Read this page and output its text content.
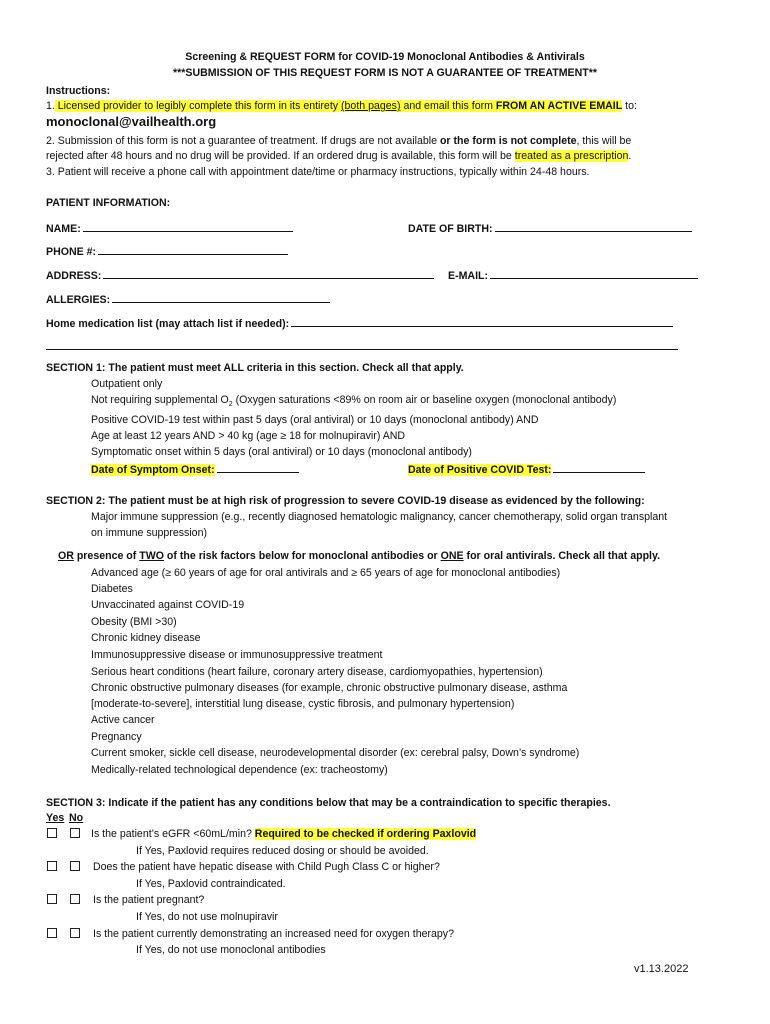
Screening & REQUEST FORM for COVID-19 Monoclonal Antibodies & Antivirals
***SUBMISSION OF THIS REQUEST FORM IS NOT A GUARANTEE OF TREATMENT**
Instructions:
1. Licensed provider to legibly complete this form in its entirety (both pages) and email this form FROM AN ACTIVE EMAIL to:
monoclonal@vailhealth.org
2. Submission of this form is not a guarantee of treatment. If drugs are not available or the form is not complete, this will be
rejected after 48 hours and no drug will be provided. If an ordered drug is available, this form will be treated as a prescription.
3. Patient will receive a phone call with appointment date/time or pharmacy instructions, typically within 24-48 hours.
PATIENT INFORMATION:
NAME:	DATE OF BIRTH:
PHONE #:
ADDRESS:	E-MAIL:
ALLERGIES:
Home medication list (may attach list if needed):
SECTION 1: The patient must meet ALL criteria in this section. Check all that apply.
Outpatient only
Not requiring supplemental $O_2$ (Oxygen saturations <89% on room air or baseline oxygen (monoclonal antibody)
Positive COVID-19 test within past 5 days (oral antiviral) or 10 days (monoclonal antibody) AND
Age at least 12 years AND > 40 kg (age ≥ 18 for molnupiravir) AND
Symptomatic onset within 5 days (oral antiviral) or 10 days (monoclonal antibody)
Date of Symptom Onset:	Date of Positive COVID Test:
SECTION 2: The patient must be at high risk of progression to severe COVID-19 disease as evidenced by the following:
Major immune suppression (e.g., recently diagnosed hematologic malignancy, cancer chemotherapy, solid organ transplant
on immune suppression)
OR presence of TWO of the risk factors below for monoclonal antibodies or ONE for oral antivirals. Check all that apply.
Advanced age (≥ 60 years of age for oral antivirals and ≥ 65 years of age for monoclonal antibodies)
Diabetes
Unvaccinated against COVID-19
Obesity (BMI >30)
Chronic kidney disease
Immunosuppressive disease or immunosuppressive treatment
Serious heart conditions (heart failure, coronary artery disease, cardiomyopathies, hypertension)
Chronic obstructive pulmonary diseases (for example, chronic obstructive pulmonary disease, asthma
[moderate-to-severe], interstitial lung disease, cystic fibrosis, and pulmonary hypertension)
Active cancer
Pregnancy
Current smoker, sickle cell disease, neurodevelopmental disorder (ex: cerebral palsy, Down’s syndrome)
Medically-related technological dependence (ex: tracheostomy)
SECTION 3: Indicate if the patient has any conditions below that may be a contraindication to specific therapies.
Yes No
Is the patient’s eGFR <60mL/min? Required to be checked if ordering Paxlovid
If Yes, Paxlovid requires reduced dosing or should be avoided.
Does the patient have hepatic disease with Child Pugh Class C or higher?
If Yes, Paxlovid contraindicated.
Is the patient pregnant?
If Yes, do not use molnupiravir
Is the patient currently demonstrating an increased need for oxygen therapy?
If Yes, do not use monoclonal antibodies
v1.13.2022
